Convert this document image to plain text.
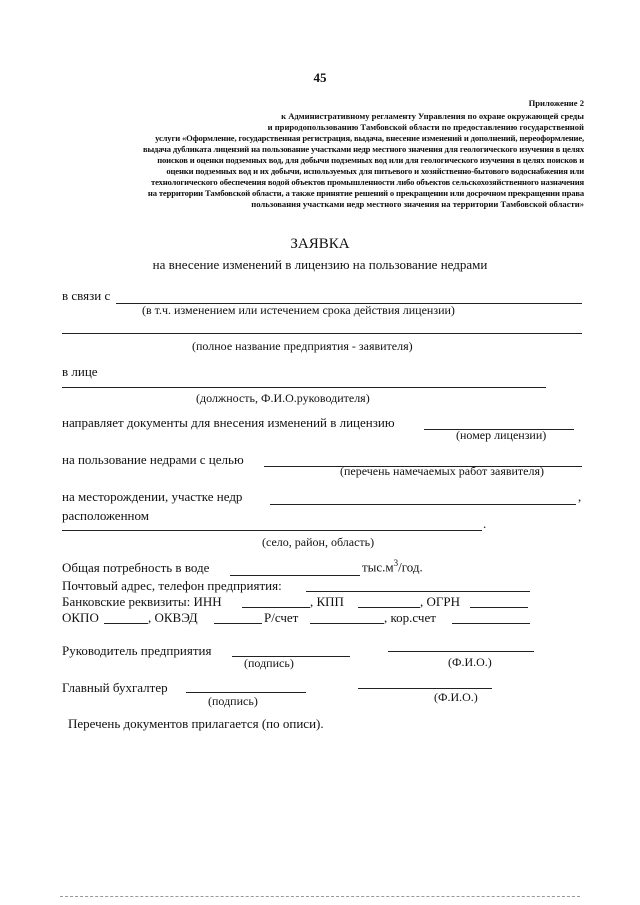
45
Приложение 2
к Административному регламенту Управления по охране окружающей среды
и природопользованию Тамбовской области по предоставлению государственной
услуги «Оформление, государственная регистрация, выдача, внесение изменений и дополнений, переоформление,
выдача дубликата лицензий на пользование участками недр местного значения для геологического изучения в целях
поисков и оценки подземных вод, для добычи подземных вод или для геологического изучения в целях поисков и
оценки подземных вод и их добычи, используемых для питьевого и хозяйственно-бытового водоснабжения или
технологического обеспечения водой объектов промышленности либо объектов сельскохозяйственного назначения
на территории Тамбовской области, а также принятие решений о прекращении или досрочном прекращении права
пользования участками недр местного значения на территории Тамбовской области»
ЗАЯВКА
на внесение изменений в лицензию на пользование недрами
в связи с
(в т.ч. изменением или истечением срока действия лицензии)
(полное название предприятия - заявителя)
в лице
(должность, Ф.И.О.руководителя)
направляет документы для внесения изменений в лицензию
(номер лицензии)
на пользование недрами с целью
(перечень намечаемых работ заявителя)
на месторождении, участке недр	,
расположенном
.
(село, район, область)
Общая потребность в воде	$тыс.м^3$/год.
Почтовый адрес, телефон предприятия:
Банковские реквизиты: ИНН	, КПП	, ОГРН
ОКПО	, ОКВЭД	Р/счет	, кор.счет
Руководитель предприятия
(подпись)	(Ф.И.О.)
Главный бухгалтер
(подпись)	(Ф.И.О.)
Перечень документов прилагается (по описи).
